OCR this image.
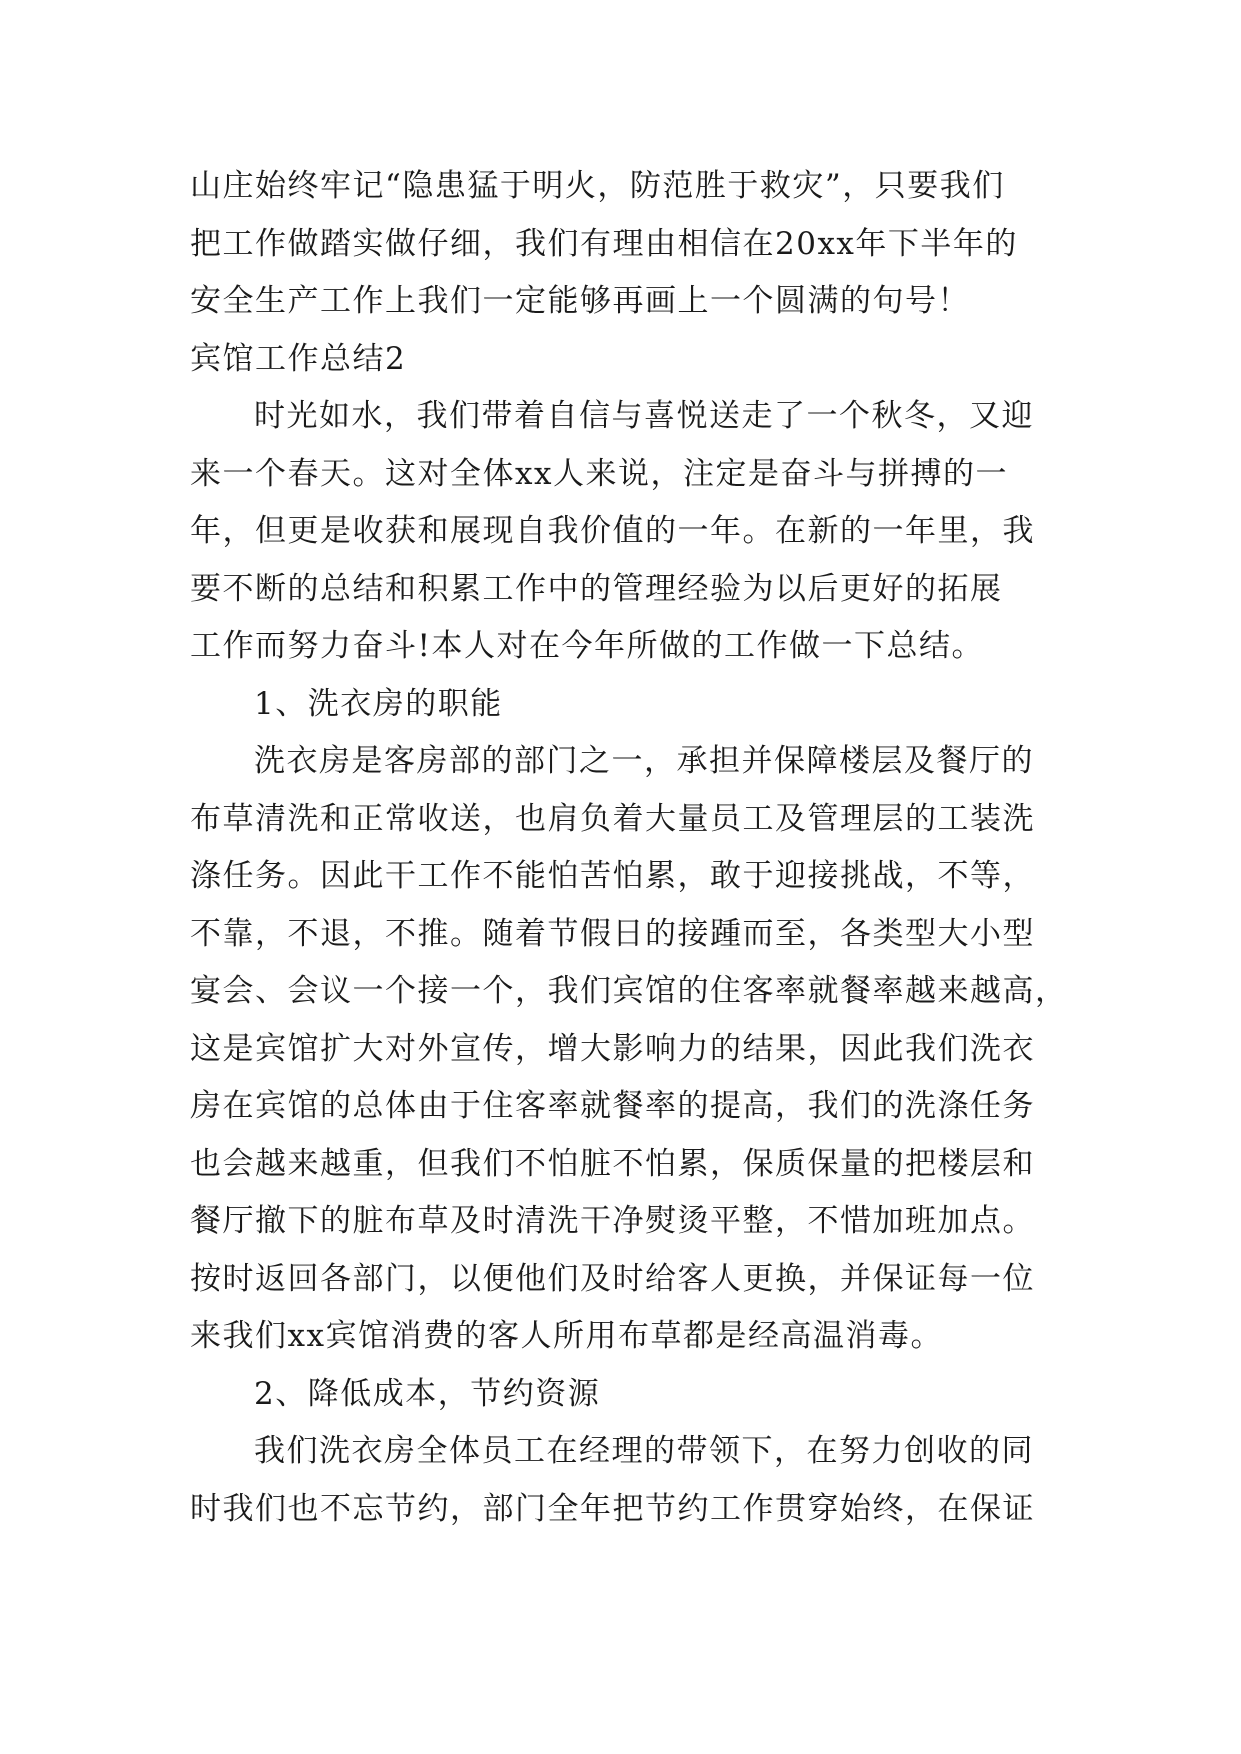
山庄始终牢记“隐患猛于明火，防范胜于救灾”，只要我们
把工作做踏实做仔细，我们有理由相信在20xx年下半年的
安全生产工作上我们一定能够再画上一个圆满的句号！
宾馆工作总结2
时光如水，我们带着自信与喜悦送走了一个秋冬，又迎
来一个春天。这对全体xx人来说，注定是奋斗与拼搏的一
年，但更是收获和展现自我价值的一年。在新的一年里，我
要不断的总结和积累工作中的管理经验为以后更好的拓展
工作而努力奋斗!本人对在今年所做的工作做一下总结。
1、洗衣房的职能
洗衣房是客房部的部门之一，承担并保障楼层及餐厅的
布草清洗和正常收送，也肩负着大量员工及管理层的工装洗
涤任务。因此干工作不能怕苦怕累，敢于迎接挑战，不等，
不靠，不退，不推。随着节假日的接踵而至，各类型大小型
宴会、会议一个接一个，我们宾馆的住客率就餐率越来越高，
这是宾馆扩大对外宣传，增大影响力的结果，因此我们洗衣
房在宾馆的总体由于住客率就餐率的提高，我们的洗涤任务
也会越来越重，但我们不怕脏不怕累，保质保量的把楼层和
餐厅撤下的脏布草及时清洗干净熨烫平整，不惜加班加点。
按时返回各部门，以便他们及时给客人更换，并保证每一位
来我们xx宾馆消费的客人所用布草都是经高温消毒。
2、降低成本，节约资源
我们洗衣房全体员工在经理的带领下，在努力创收的同
时我们也不忘节约，部门全年把节约工作贯穿始终，在保证
